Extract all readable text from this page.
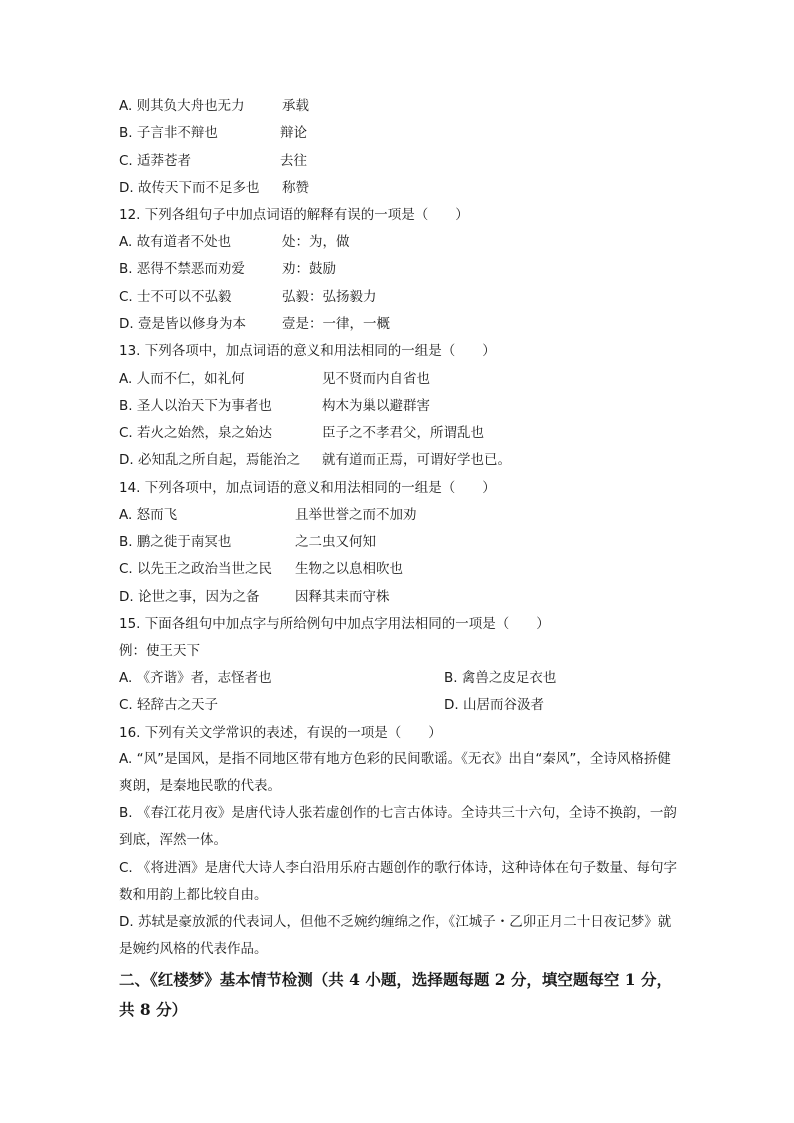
A. 则其负大舟也无力	承载
B. 子言非不辩也	辩论
C. 适莽苍者	去往
D. 故传天下而不足多也 称赞
12. 下列各组句子中加点词语的解释有误的一项是（　　）
A. 故有道者不处也	处：为，做
B. 恶得不禁恶而劝爱	劝：鼓励
C. 士不可以不弘毅	弘毅：弘扬毅力
D. 壹是皆以修身为本	壹是：一律，一概
13. 下列各项中，加点词语的意义和用法相同的一组是（　　）
A. 人而不仁，如礼何	见不贤而内自省也
B. 圣人以治天下为事者也	构木为巢以避群害
C. 若火之始然，泉之始达	臣子之不孝君父，所谓乱也
D. 必知乱之所自起，焉能治之 就有道而正焉，可谓好学也已。
14. 下列各项中，加点词语的意义和用法相同的一组是（　　）
A. 怒而飞	且举世誉之而不加劝
B. 鹏之徙于南冥也	之二虫又何知
C. 以先王之政治当世之民 生物之以息相吹也
D. 论世之事，因为之备	因释其耒而守株
15. 下面各组句中加点字与所给例句中加点字用法相同的一项是（　　）
例：使王天下
A. 《齐谐》者，志怪者也	B. 禽兽之皮足衣也
C. 轻辞古之天子	D. 山居而谷汲者
16. 下列有关文学常识的表述，有误的一项是（　　）
A. “风”是国风，是指不同地区带有地方色彩的民间歌谣。《无衣》出自“秦风”，全诗风格挢健爽朗，是秦地民歌的代表。
B. 《春江花月夜》是唐代诗人张若虚创作的七言古体诗。全诗共三十六句，全诗不换韵，一韵到底，浑然一体。
C. 《将进酒》是唐代大诗人李白沿用乐府古题创作的歌行体诗，这种诗体在句子数量、每句字数和用韵上都比较自由。
D. 苏轼是豪放派的代表词人，但他不乏婉约缠绵之作，《江城子・乙卯正月二十日夜记梦》就是婉约风格的代表作品。
二、《红楼梦》基本情节检测（共 4 小题，选择题每题 2 分，填空题每空 1 分，共 8 分）
